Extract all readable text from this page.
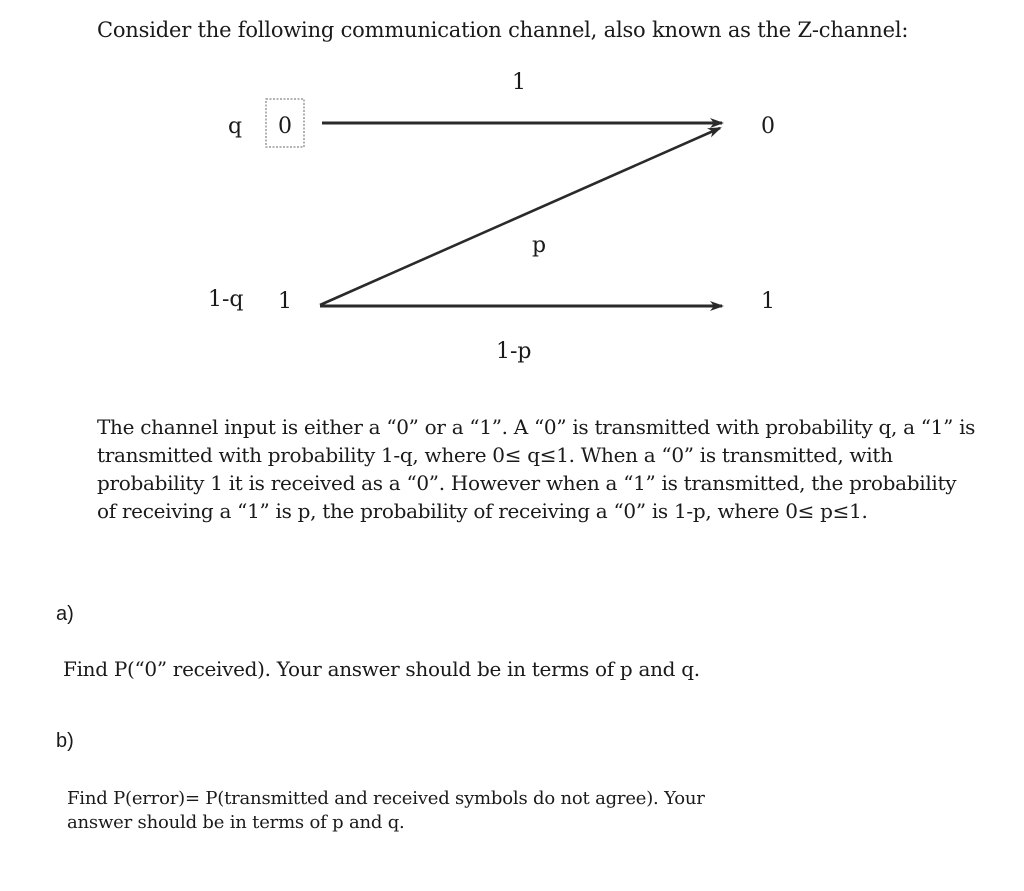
Consider the following communication channel, also known as the Z-channel:
q
1-q
0
1
1
p
1-p
0
1
The channel input is either a “0” or a “1”. A “0” is transmitted with probability q, a “1” is transmitted with probability 1-q, where 0≤ q≤1. When a “0” is transmitted, with probability 1 it is received as a “0”. However when a “1” is transmitted, the probability of receiving a “1” is p, the probability of receiving a “0” is 1-p, where 0≤ p≤1.
a)
Find P(“0” received). Your answer should be in terms of p and q.
b)
Find P(error)= P(transmitted and received symbols do not agree). Your answer should be in terms of p and q.
